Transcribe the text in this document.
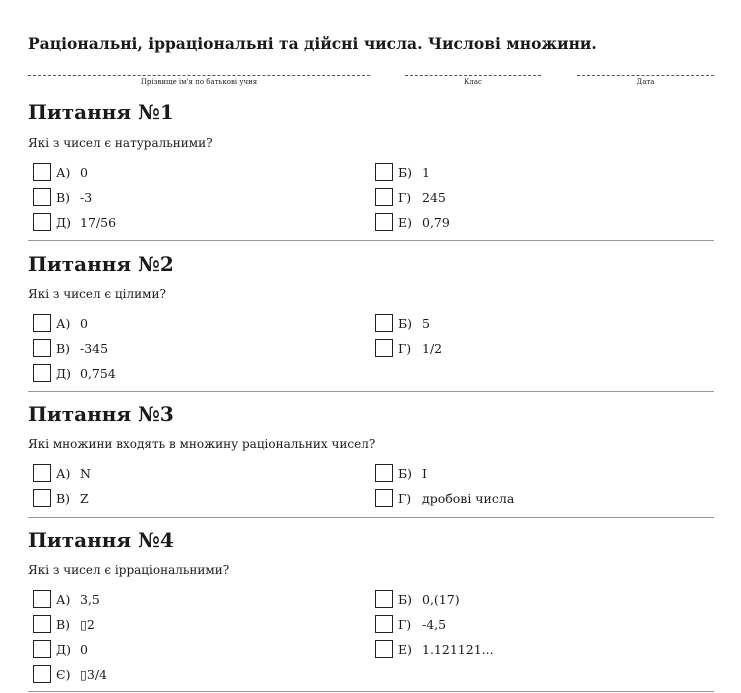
Раціональні, ірраціональні та дійсні числа. Числові множини.
Прізвище ім'я по батькові учня	Клас	Дата
Питання №1
Які з чисел є натуральними?
А) 0	Б) 1
В) -3	Г) 245
Д) 17/56	Е) 0,79
Питання №2
Які з чисел є цілими?
А) 0	Б) 5
В) -345	Г) 1/2
Д) 0,754
Питання №3
Які множини входять в множину раціональних чисел?
А) N	Б) I
В) Z	Г) дробові числа
Питання №4
Які з чисел є ірраціональними?
А) 3,5	Б) 0,(17)
В) ▯2	Г) -4,5
Д) 0	Е) 1.121121...
Є) ▯3/4
